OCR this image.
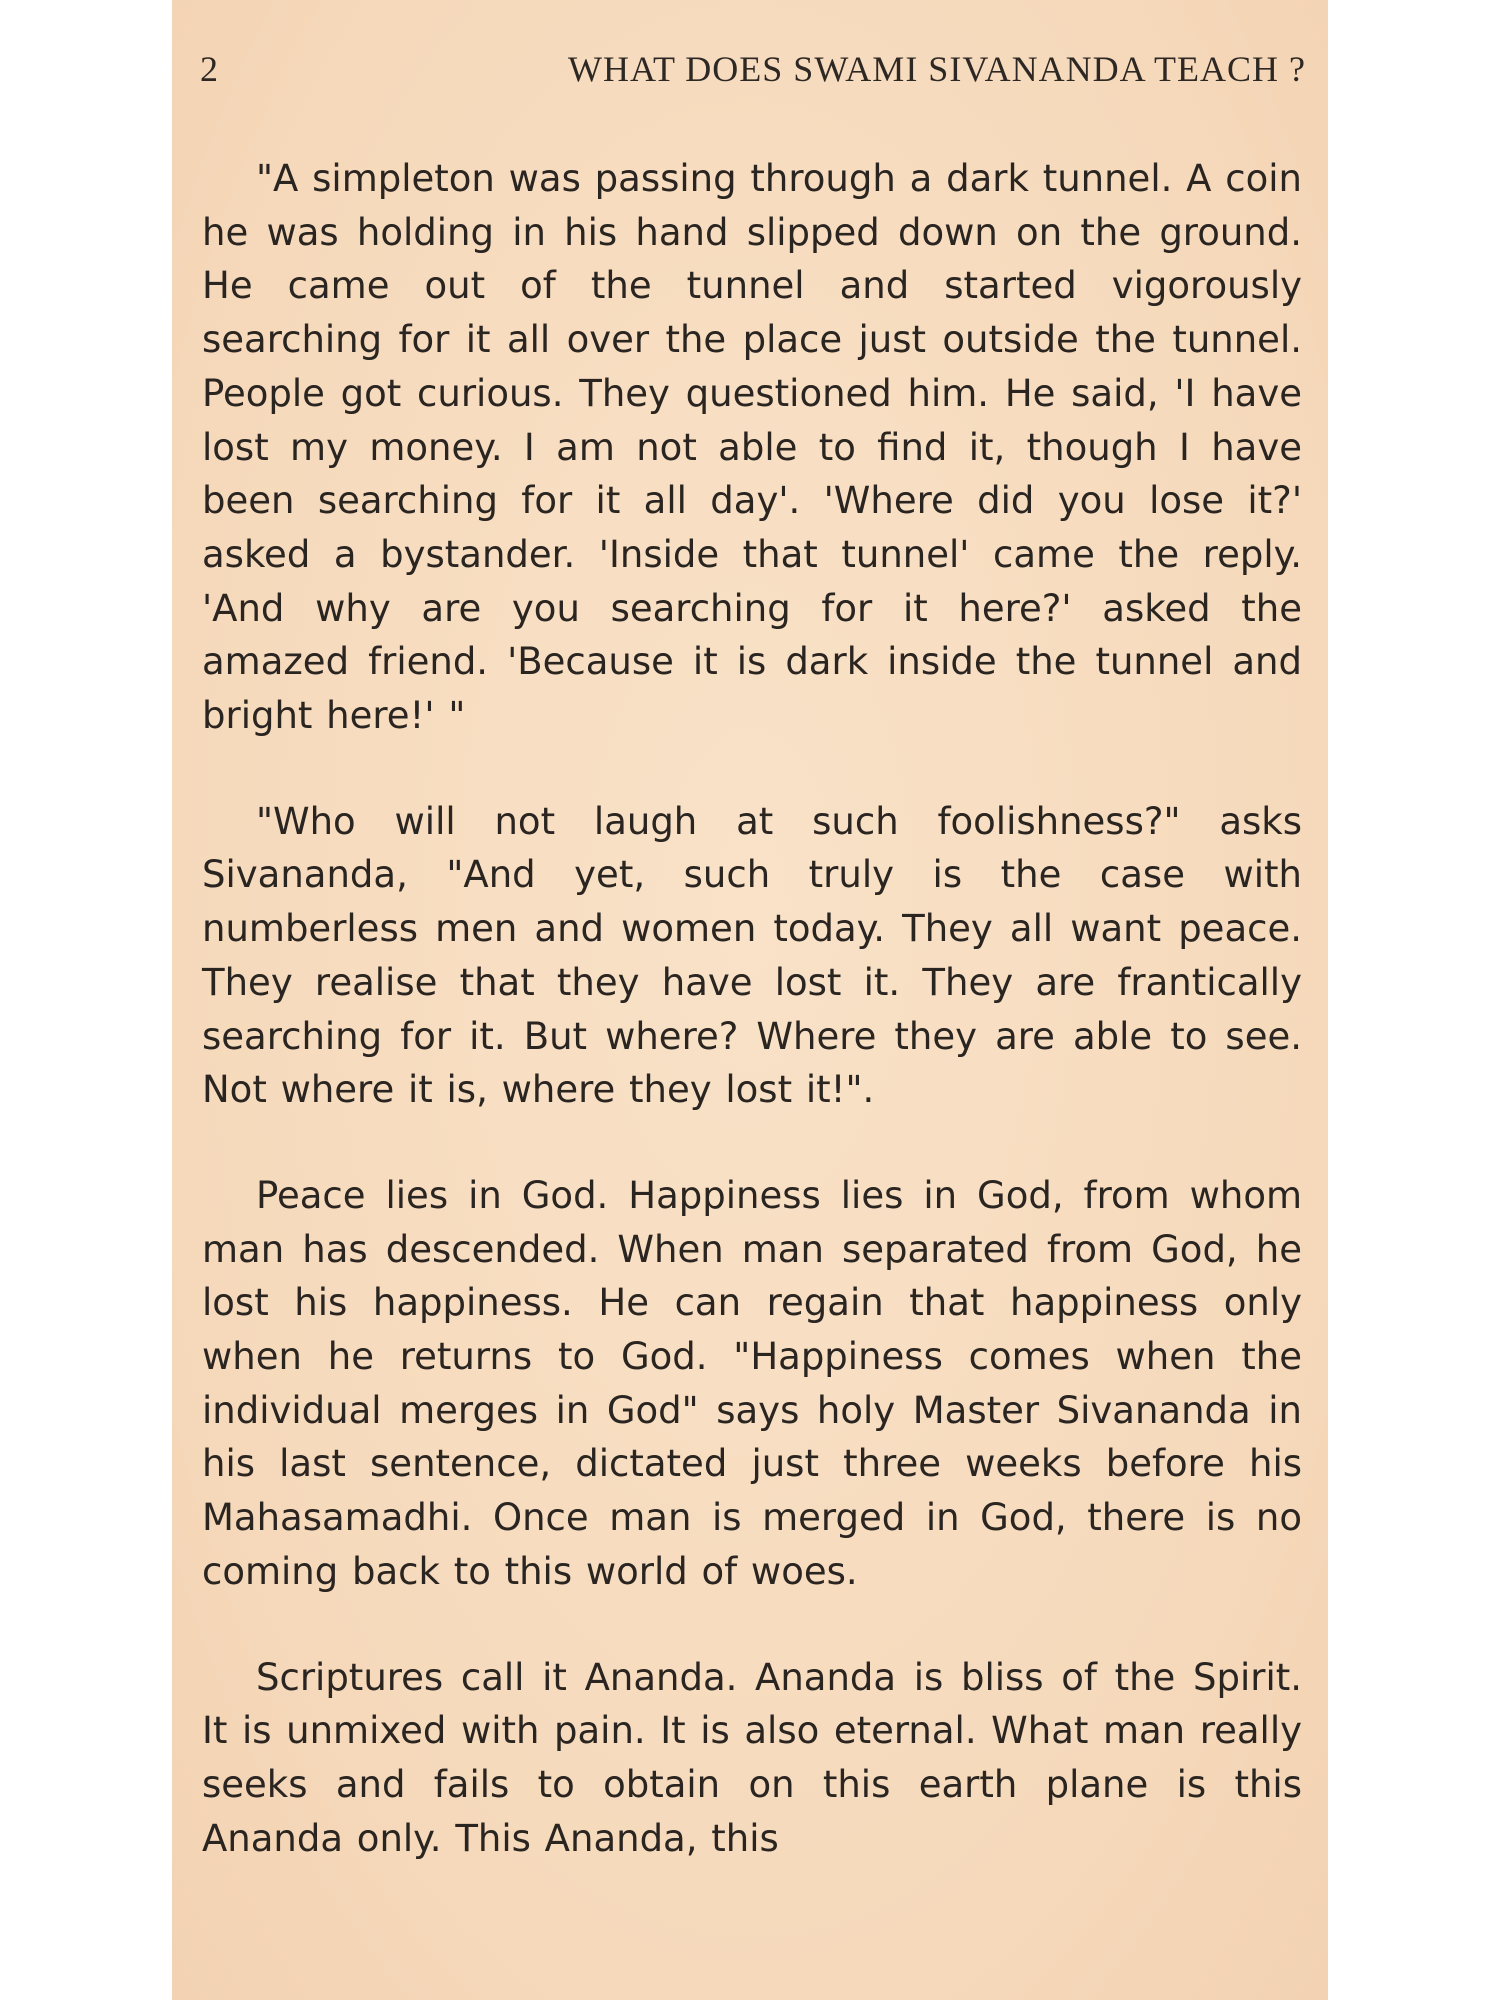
2	WHAT DOES SWAMI SIVANANDA TEACH ?

"A simpleton was passing through a dark tunnel. A coin he was holding in his hand slipped down on the ground. He came out of the tunnel and started vigorously searching for it all over the place just outside the tunnel. People got curious. They questioned him. He said, 'I have lost my money. I am not able to find it, though I have been searching for it all day'. 'Where did you lose it?' asked a bystander. 'Inside that tunnel' came the reply. 'And why are you searching for it here?' asked the amazed friend. 'Because it is dark inside the tunnel and bright here!' "

"Who will not laugh at such foolishness?" asks Sivananda, "And yet, such truly is the case with numberless men and women today. They all want peace. They realise that they have lost it. They are frantically searching for it. But where? Where they are able to see. Not where it is, where they lost it!".

Peace lies in God. Happiness lies in God, from whom man has descended. When man separated from God, he lost his happiness. He can regain that happiness only when he returns to God. "Happiness comes when the individual merges in God" says holy Master Sivananda in his last sentence, dictated just three weeks before his Mahasamadhi. Once man is merged in God, there is no coming back to this world of woes.

Scriptures call it Ananda. Ananda is bliss of the Spirit. It is unmixed with pain. It is also eternal. What man really seeks and fails to obtain on this earth plane is this Ananda only. This Ananda, this
